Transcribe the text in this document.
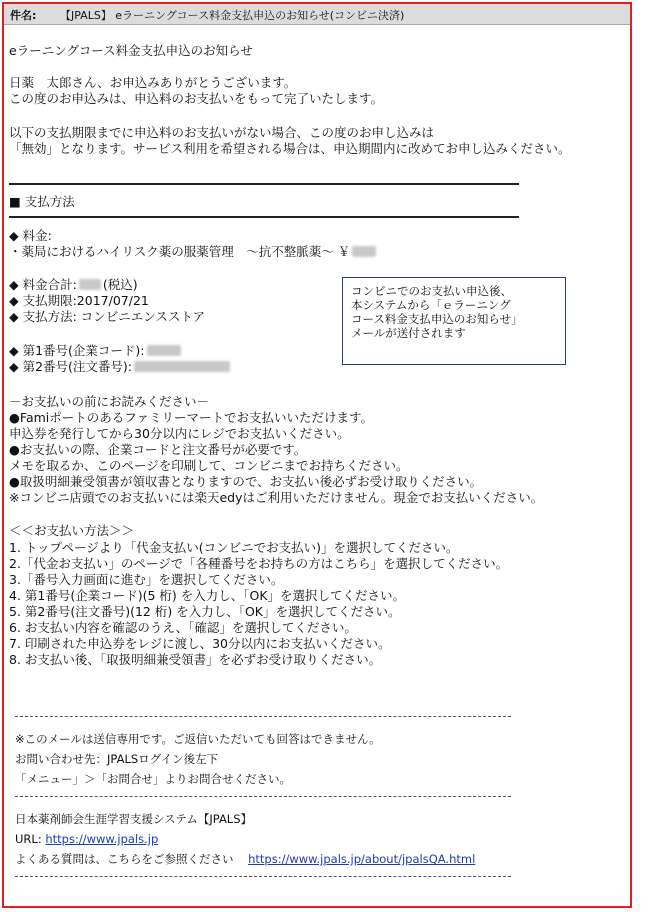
件名: 【JPALS】 eラーニングコース料金支払申込のお知らせ(コンビニ決済)
eラーニングコース料金支払申込のお知らせ
日薬　太郎さん、お申込みありがとうございます。
この度のお申込みは、申込料のお支払いをもって完了いたします。
以下の支払期限までに申込料のお支払いがない場合、この度のお申し込みは
「無効」となります。サービス利用を希望される場合は、申込期間内に改めてお申し込みください。
■ 支払方法
◆ 料金:
・薬局におけるハイリスク薬の服薬管理　～抗不整脈薬～ ￥
◆ 料金合計: (税込)
◆ 支払期限:2017/07/21
◆ 支払方法: コンビニエンスストア
◆ 第1番号(企業コード):
◆ 第2番号(注文番号):
－お支払いの前にお読みください－
●Famiポートのあるファミリーマートでお支払いいただけます。
申込券を発行してから30分以内にレジでお支払いください。
●お支払いの際、企業コードと注文番号が必要です。
メモを取るか、このページを印刷して、コンビニまでお持ちください。
●取扱明細兼受領書が領収書となりますので、お支払い後必ずお受け取りください。
※コンビニ店頭でのお支払いには楽天edyはご利用いただけません。現金でお支払いください。
＜＜お支払い方法＞＞
1. トップページより「代金支払い(コンビニでお支払い)」を選択してください。
2.「代金お支払い」のページで「各種番号をお持ちの方はこちら」を選択してください。
3.「番号入力画面に進む」を選択してください。
4. 第1番号(企業コード)(5 桁) を入力し、「OK」を選択してください。
5. 第2番号(注文番号)(12 桁) を入力し、「OK」を選択してください。
6. お支払い内容を確認のうえ、「確認」を選択してください。
7. 印刷された申込券をレジに渡し、30分以内にお支払いください。
8. お支払い後、「取扱明細兼受領書」を必ずお受け取りください。
※このメールは送信専用です。ご返信いただいても回答はできません。
お問い合わせ先：JPALSログイン後左下
「メニュー」＞「お問合せ」よりお問合せください。
日本薬剤師会生涯学習支援システム【JPALS】
URL: https://www.jpals.jp
よくある質問は、こちらをご参照ください https://www.jpals.jp/about/jpalsQA.html
コンビニでのお支払い申込後、
本システムから「ｅラーニング
コース料金支払申込のお知らせ」
メールが送付されます
